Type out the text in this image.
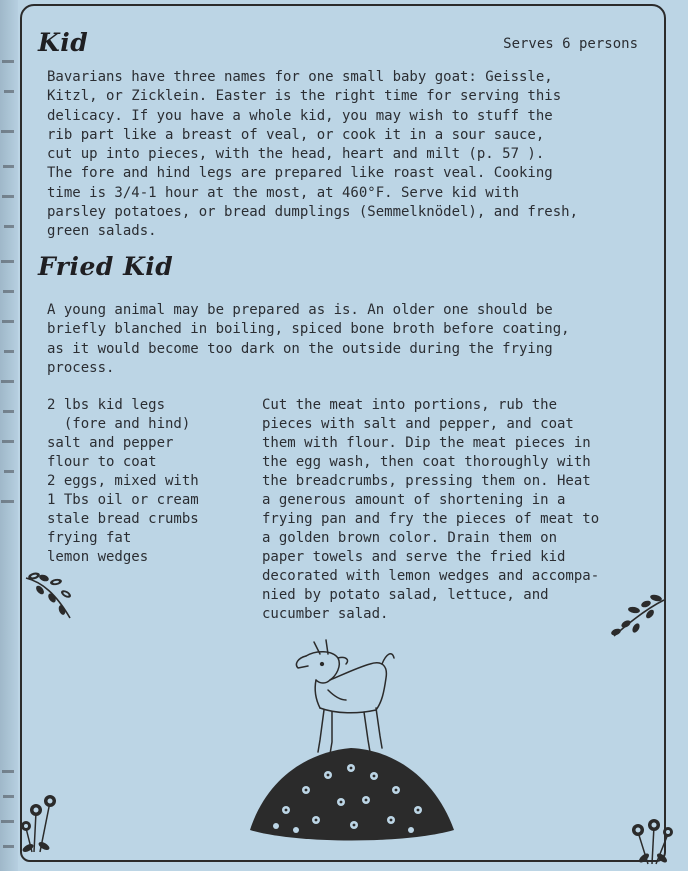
Kid	Serves 6 persons

Bavarians have three names for one small baby goat: Geissle,
Kitzl, or Zicklein. Easter is the right time for serving this
delicacy. If you have a whole kid, you may wish to stuff the
rib part like a breast of veal, or cook it in a sour sauce,
cut up into pieces, with the head, heart and milt (p. 57 ).
The fore and hind legs are prepared like roast veal. Cooking
time is 3/4-1 hour at the most, at 460°F. Serve kid with
parsley potatoes, or bread dumplings (Semmelknödel), and fresh,
green salads.

Fried Kid

A young animal may be prepared as is. An older one should be
briefly blanched in boiling, spiced bone broth before coating,
as it would become too dark on the outside during the frying
process.

2 lbs kid legs
(fore and hind)
salt and pepper
flour to coat
2 eggs, mixed with
1 Tbs oil or cream
stale bread crumbs
frying fat
lemon wedges

Cut the meat into portions, rub the
pieces with salt and pepper, and coat
them with flour. Dip the meat pieces in
the egg wash, then coat thoroughly with
the breadcrumbs, pressing them on. Heat
a generous amount of shortening in a
frying pan and fry the pieces of meat to
a golden brown color. Drain them on
paper towels and serve the fried kid
decorated with lemon wedges and accompa-
nied by potato salad, lettuce, and
cucumber salad.
